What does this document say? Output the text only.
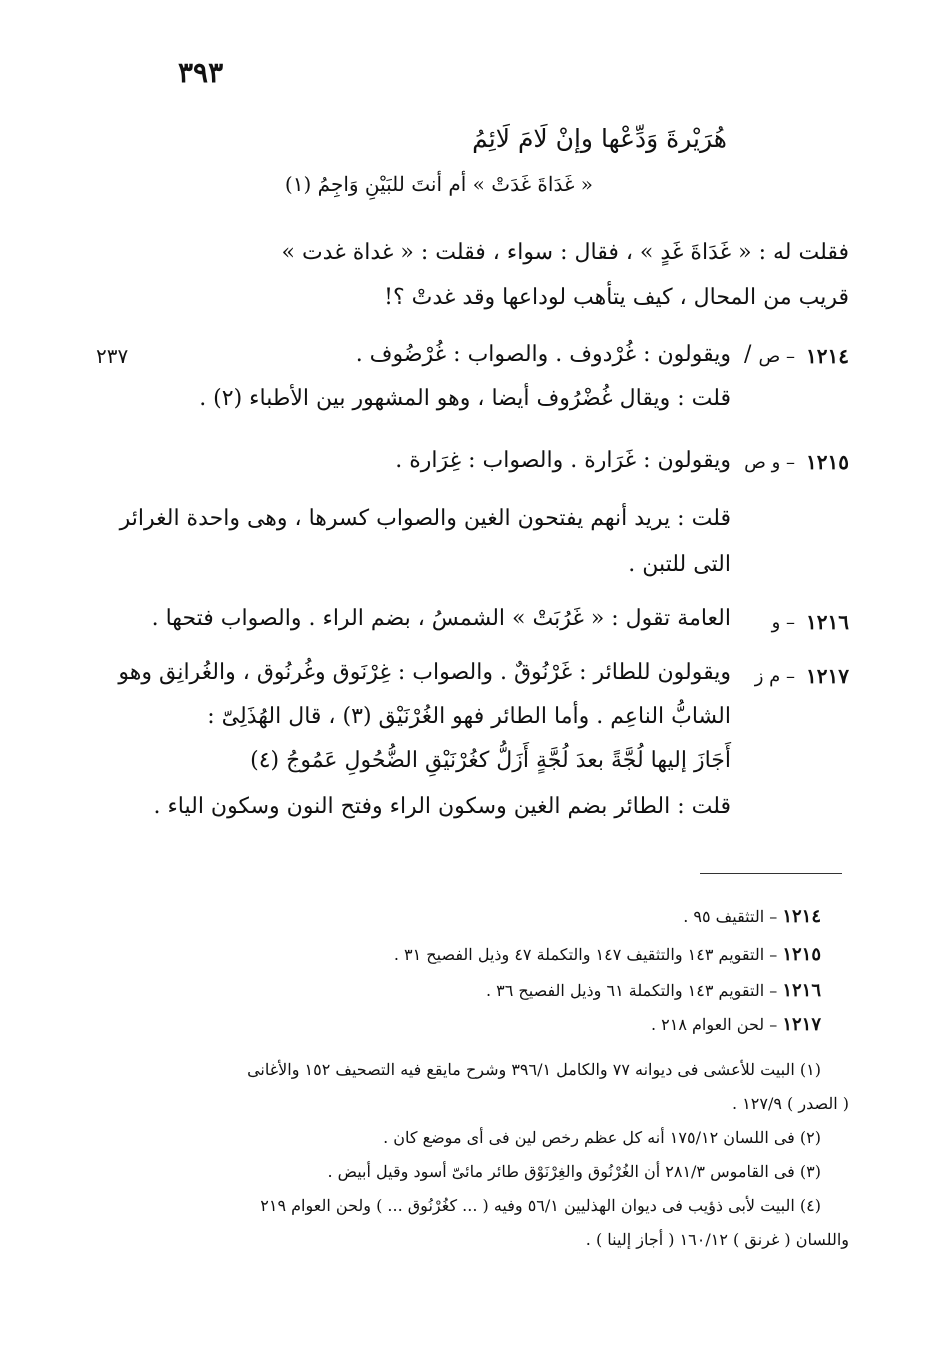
٣٩٣
هُرَيْرةَ وَدِّعْها وإنْ لَامَ لَائِمُ
« غَدَاةَ غَدَتْ » أم أنتَ للبَيْنِ وَاجِمُ (١)
فقلت له : « غَدَاةَ غَدٍ » ، فقال : سواء ، فقلت : « غداة غدت »
قريب من المحال ، كيف يتأهب لوداعها وقد غدتْ ؟!
٢٣٧	١٢١٤
– ص
/
ويقولون : غُرْدوف . والصواب : غُرْضُوف .
قلت : ويقال غُضْرُوف أيضا ، وهو المشهور بين الأطباء (٢) .
١٢١٥
– و ص
ويقولون : غَرَارة . والصواب : غِرَارة .
قلت : يريد أنهم يفتحون الغين والصواب كسرها ، وهى واحدة الغرائر
التى للتبن .
١٢١٦
– و
العامة تقول : « غَرُبَتْ » الشمسُ ، بضم الراء . والصواب فتحها .
١٢١٧
– م ز
ويقولون للطائر : غَرْنُوقٌ . والصواب : غِرْنَوق وغُرنُوق ، والغُرانِق وهو
الشابُّ الناعِم . وأما الطائر فهو الغُرْنَيْق (٣) ، قال الهُذَلِىّ :
أَجَازَ إليها لُجَّةً بعدَ لُجَّةٍ أَزَلُّ كغُرْنَيْقِ الضُّحُولِ عَمُوجُ (٤)
قلت : الطائر بضم الغين وسكون الراء وفتح النون وسكون الياء .
١٢١٤ – التثقيف ٩٥ .
١٢١٥ – التقويم ١٤٣ والتثقيف ١٤٧ والتكملة ٤٧ وذيل الفصيح ٣١ .
١٢١٦ – التقويم ١٤٣ والتكملة ٦١ وذيل الفصيح ٣٦ .
١٢١٧ – لحن العوام ٢١٨ .
(١) البيت للأعشى فى ديوانه ٧٧ والكامل ٣٩٦/١ وشرح مايقع فيه التصحيف ١٥٢ والأغانى
( الصدر ) ١٢٧/٩ .
(٢) فى اللسان ١٧٥/١٢ أنه كل عظم رخص لين فى أى موضع كان .
(٣) فى القاموس ٢٨١/٣ أن الغُرْنُوق والغِرْنَوْق طائر مائىّ أسود وقيل أبيض .
(٤) البيت لأبى ذؤيب فى ديوان الهذليين ٥٦/١ وفيه ( ... كغُرْنُوق ... ) ولحن العوام ٢١٩
واللسان ( غرنق ) ١٦٠/١٢ ( أجاز إلينا ) .
